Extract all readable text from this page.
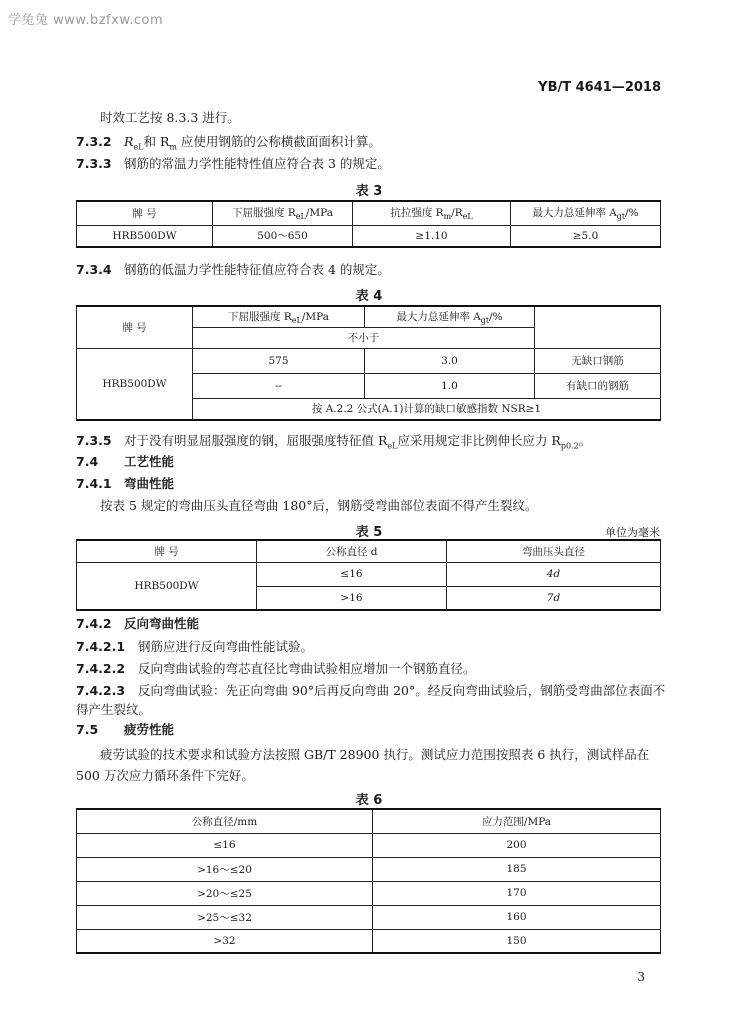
学兔兔 www.bzfxw.com
YB/T 4641—2018
时效工艺按 8.3.3 进行。
7.3.2 $R_{eL}$和 $R_m$ 应使用钢筋的公称横截面面积计算。
7.3.3 钢筋的常温力学性能特性值应符合表 3 的规定。
表 3
牌 号	下屈服强度 $R_{eL}$/MPa	抗拉强度 $R_m/R_{eL}$	最大力总延伸率 $A_{gt}/\%$
HRB500DW	500～650	≥1.10	≥5.0
7.3.4 钢筋的低温力学性能特征值应符合表 4 的规定。
表 4
牌 号	下屈服强度 $R_{eL}$/MPa	最大力总延伸率 $A_{gt}/\%$	
	不小于		
HRB500DW	575	3.0	无缺口钢筋
	--	1.0	有缺口的钢筋
	按 A.2.2 公式(A.1)计算的缺口敏感指数 NSR≥1		
7.3.5 对于没有明显屈服强度的钢，屈服强度特征值 $R_{eL}$应采用规定非比例伸长应力 $R_{p0.2}$。
7.4 工艺性能
7.4.1 弯曲性能
按表 5 规定的弯曲压头直径弯曲 180°后，钢筋受弯曲部位表面不得产生裂纹。
表 5	单位为毫米
牌 号	公称直径 d	弯曲压头直径
HRB500DW	≤16	4d
	>16	7d
7.4.2 反向弯曲性能
7.4.2.1 钢筋应进行反向弯曲性能试验。
7.4.2.2 反向弯曲试验的弯芯直径比弯曲试验相应增加一个钢筋直径。
7.4.2.3 反向弯曲试验：先正向弯曲 90°后再反向弯曲 20°。经反向弯曲试验后，钢筋受弯曲部位表面不
得产生裂纹。
7.5 疲劳性能
疲劳试验的技术要求和试验方法按照 GB/T 28900 执行。测试应力范围按照表 6 执行，测试样品在
500 万次应力循环条件下完好。
表 6
公称直径/mm	应力范围/MPa
≤16	200
>16～≤20	185
>20～≤25	170
>25～≤32	160
>32	150
3
